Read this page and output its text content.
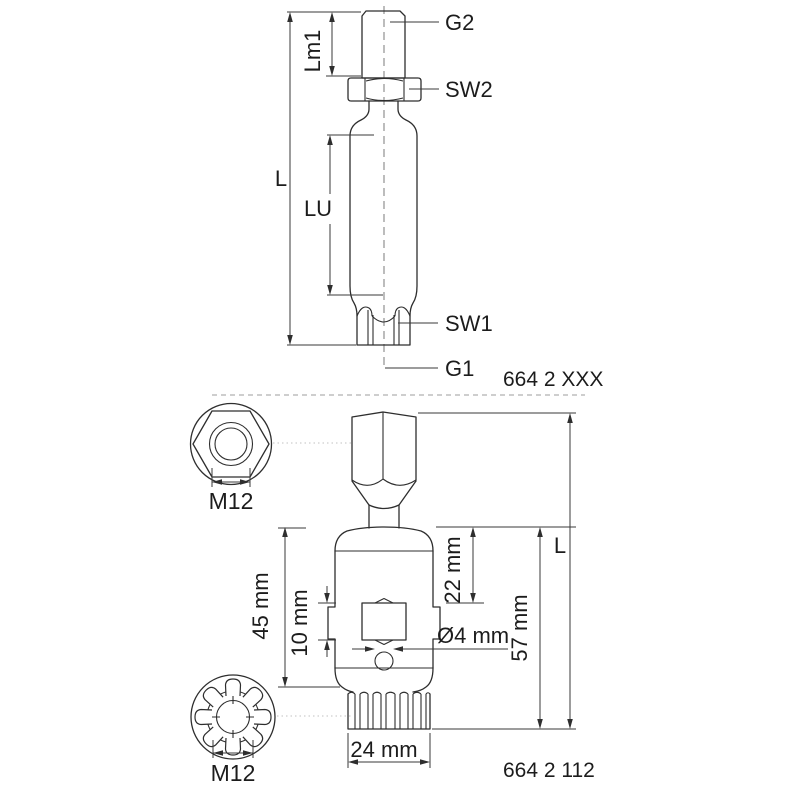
L
Lm1
LU
G2
SW2
SW1
G1 664 2 XXX
M12
M12
22 mm
57 mm
L
45 mm 10 mm	Ø4 mm
24 mm
664 2 112
